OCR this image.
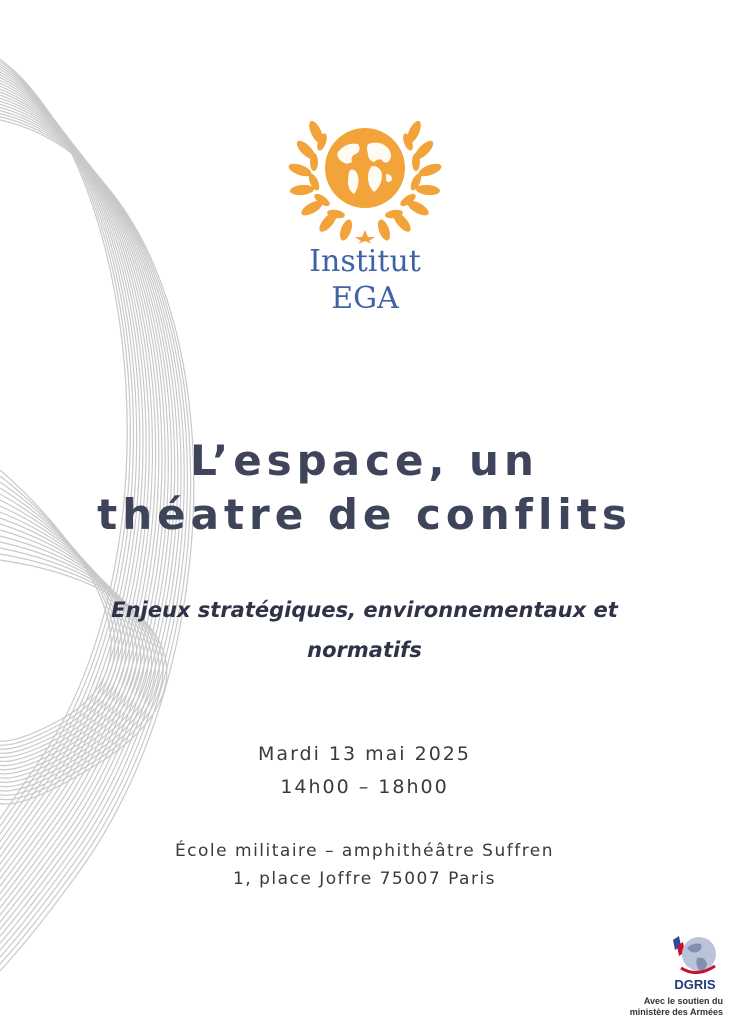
Institut
EGA
L’espace, un
théatre de conflits
Enjeux stratégiques, environnementaux et
normatifs
Mardi 13 mai 2025
14h00 – 18h00
École militaire – amphithéâtre Suffren
1, place Joffre 75007 Paris
DGRIS
Avec le soutien du
ministère des Armées
